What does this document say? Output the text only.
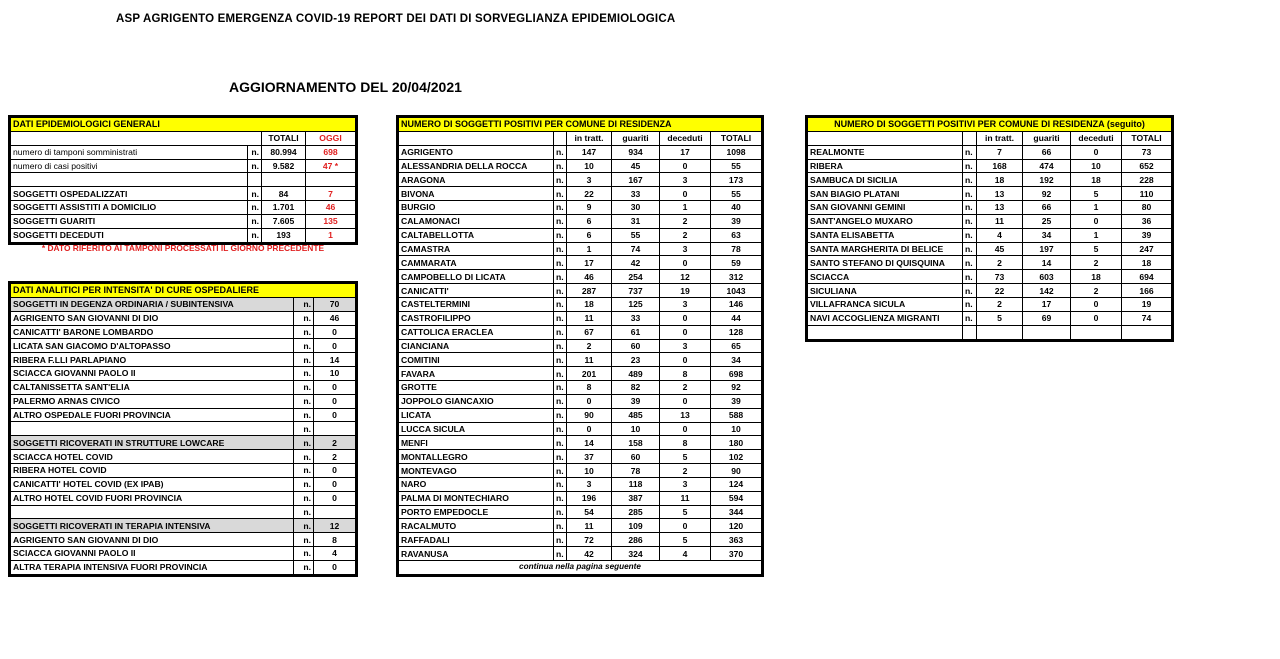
ASP AGRIGENTO EMERGENZA COVID-19 REPORT DEI DATI DI SORVEGLIANZA EPIDEMIOLOGICA
AGGIORNAMENTO DEL 20/04/2021
DATI EPIDEMIOLOGICI GENERALI			
		TOTALI	OGGI
numero di tamponi somministrati	n.	80.994	698
numero di casi positivi	n.	9.582	47 *

SOGGETTI OSPEDALIZZATI	n.	84	7
SOGGETTI ASSISTITI A DOMICILIO	n.	1.701	46
SOGGETTI GUARITI	n.	7.605	135
SOGGETTI DECEDUTI	n.	193	1
* DATO RIFERITO AI TAMPONI PROCESSATI IL GIORNO PRECEDENTE
DATI ANALITICI PER INTENSITA' DI CURE OSPEDALIERE		
SOGGETTI IN DEGENZA ORDINARIA / SUBINTENSIVA	n.	70
AGRIGENTO SAN GIOVANNI DI DIO	n.	46
CANICATTI' BARONE LOMBARDO	n.	0
LICATA SAN GIACOMO D'ALTOPASSO	n.	0
RIBERA F.LLI PARLAPIANO	n.	14
SCIACCA GIOVANNI PAOLO II	n.	10
CALTANISSETTA SANT'ELIA	n.	0
PALERMO ARNAS CIVICO	n.	0
ALTRO OSPEDALE FUORI PROVINCIA	n.	0
	n.	
SOGGETTI RICOVERATI IN STRUTTURE LOWCARE	n.	2
SCIACCA HOTEL COVID	n.	2
RIBERA HOTEL COVID	n.	0
CANICATTI' HOTEL COVID (EX IPAB)	n.	0
ALTRO HOTEL COVID FUORI PROVINCIA	n.	0
	n.	
SOGGETTI RICOVERATI IN TERAPIA INTENSIVA	n.	12
AGRIGENTO SAN GIOVANNI DI DIO	n.	8
SCIACCA GIOVANNI PAOLO II	n.	4
ALTRA TERAPIA INTENSIVA FUORI PROVINCIA	n.	0
NUMERO DI SOGGETTI POSITIVI PER COMUNE DI RESIDENZA					
		in tratt.	guariti	deceduti	TOTALI
AGRIGENTO	n.	147	934	17	1098
ALESSANDRIA DELLA ROCCA	n.	10	45	0	55
ARAGONA	n.	3	167	3	173
BIVONA	n.	22	33	0	55
BURGIO	n.	9	30	1	40
CALAMONACI	n.	6	31	2	39
CALTABELLOTTA	n.	6	55	2	63
CAMASTRA	n.	1	74	3	78
CAMMARATA	n.	17	42	0	59
CAMPOBELLO DI LICATA	n.	46	254	12	312
CANICATTI'	n.	287	737	19	1043
CASTELTERMINI	n.	18	125	3	146
CASTROFILIPPO	n.	11	33	0	44
CATTOLICA ERACLEA	n.	67	61	0	128
CIANCIANA	n.	2	60	3	65
COMITINI	n.	11	23	0	34
FAVARA	n.	201	489	8	698
GROTTE	n.	8	82	2	92
JOPPOLO GIANCAXIO	n.	0	39	0	39
LICATA	n.	90	485	13	588
LUCCA SICULA	n.	0	10	0	10
MENFI	n.	14	158	8	180
MONTALLEGRO	n.	37	60	5	102
MONTEVAGO	n.	10	78	2	90
NARO	n.	3	118	3	124
PALMA DI MONTECHIARO	n.	196	387	11	594
PORTO EMPEDOCLE	n.	54	285	5	344
RACALMUTO	n.	11	109	0	120
RAFFADALI	n.	72	286	5	363
RAVANUSA	n.	42	324	4	370
continua nella pagina seguente					
NUMERO DI SOGGETTI POSITIVI PER COMUNE DI RESIDENZA (seguito)					
		in tratt.	guariti	deceduti	TOTALI
REALMONTE	n.	7	66	0	73
RIBERA	n.	168	474	10	652
SAMBUCA DI SICILIA	n.	18	192	18	228
SAN BIAGIO PLATANI	n.	13	92	5	110
SAN GIOVANNI GEMINI	n.	13	66	1	80
SANT'ANGELO MUXARO	n.	11	25	0	36
SANTA ELISABETTA	n.	4	34	1	39
SANTA MARGHERITA DI BELICE	n.	45	197	5	247
SANTO STEFANO DI QUISQUINA	n.	2	14	2	18
SCIACCA	n.	73	603	18	694
SICULIANA	n.	22	142	2	166
VILLAFRANCA SICULA	n.	2	17	0	19
NAVI ACCOGLIENZA MIGRANTI	n.	5	69	0	74
